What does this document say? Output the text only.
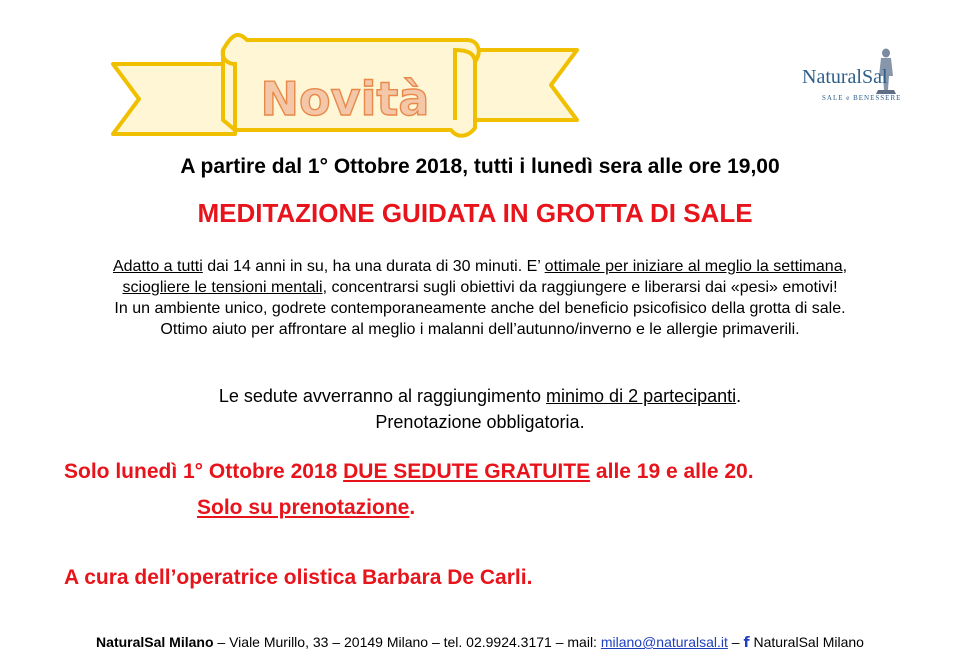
Novità	NaturalSal
SALE e BENESSERE
A partire dal 1° Ottobre 2018, tutti i lunedì sera alle ore 19,00
MEDITAZIONE GUIDATA IN GROTTA DI SALE

Adatto a tutti dai 14 anni in su, ha una durata di 30 minuti. E’ ottimale per iniziare al meglio la settimana,

sciogliere le tensioni mentali, concentrarsi sugli obiettivi da raggiungere e liberarsi dai «pesi» emotivi!

In un ambiente unico, godrete contemporaneamente anche del beneficio psicofisico della grotta di sale.

Ottimo aiuto per affrontare al meglio i malanni dell’autunno/inverno e le allergie primaverili.

Le sedute avverranno al raggiungimento minimo di 2 partecipanti.

Prenotazione obbligatoria.

Solo lunedì 1° Ottobre 2018 DUE SEDUTE GRATUITE alle 19 e alle 20.
Solo su prenotazione.
A cura dell’operatrice olistica Barbara De Carli.
NaturalSal Milano – Viale Murillo, 33 – 20149 Milano – tel. 02.9924.3171 – mail: milano@naturalsal.it – f NaturalSal Milano
